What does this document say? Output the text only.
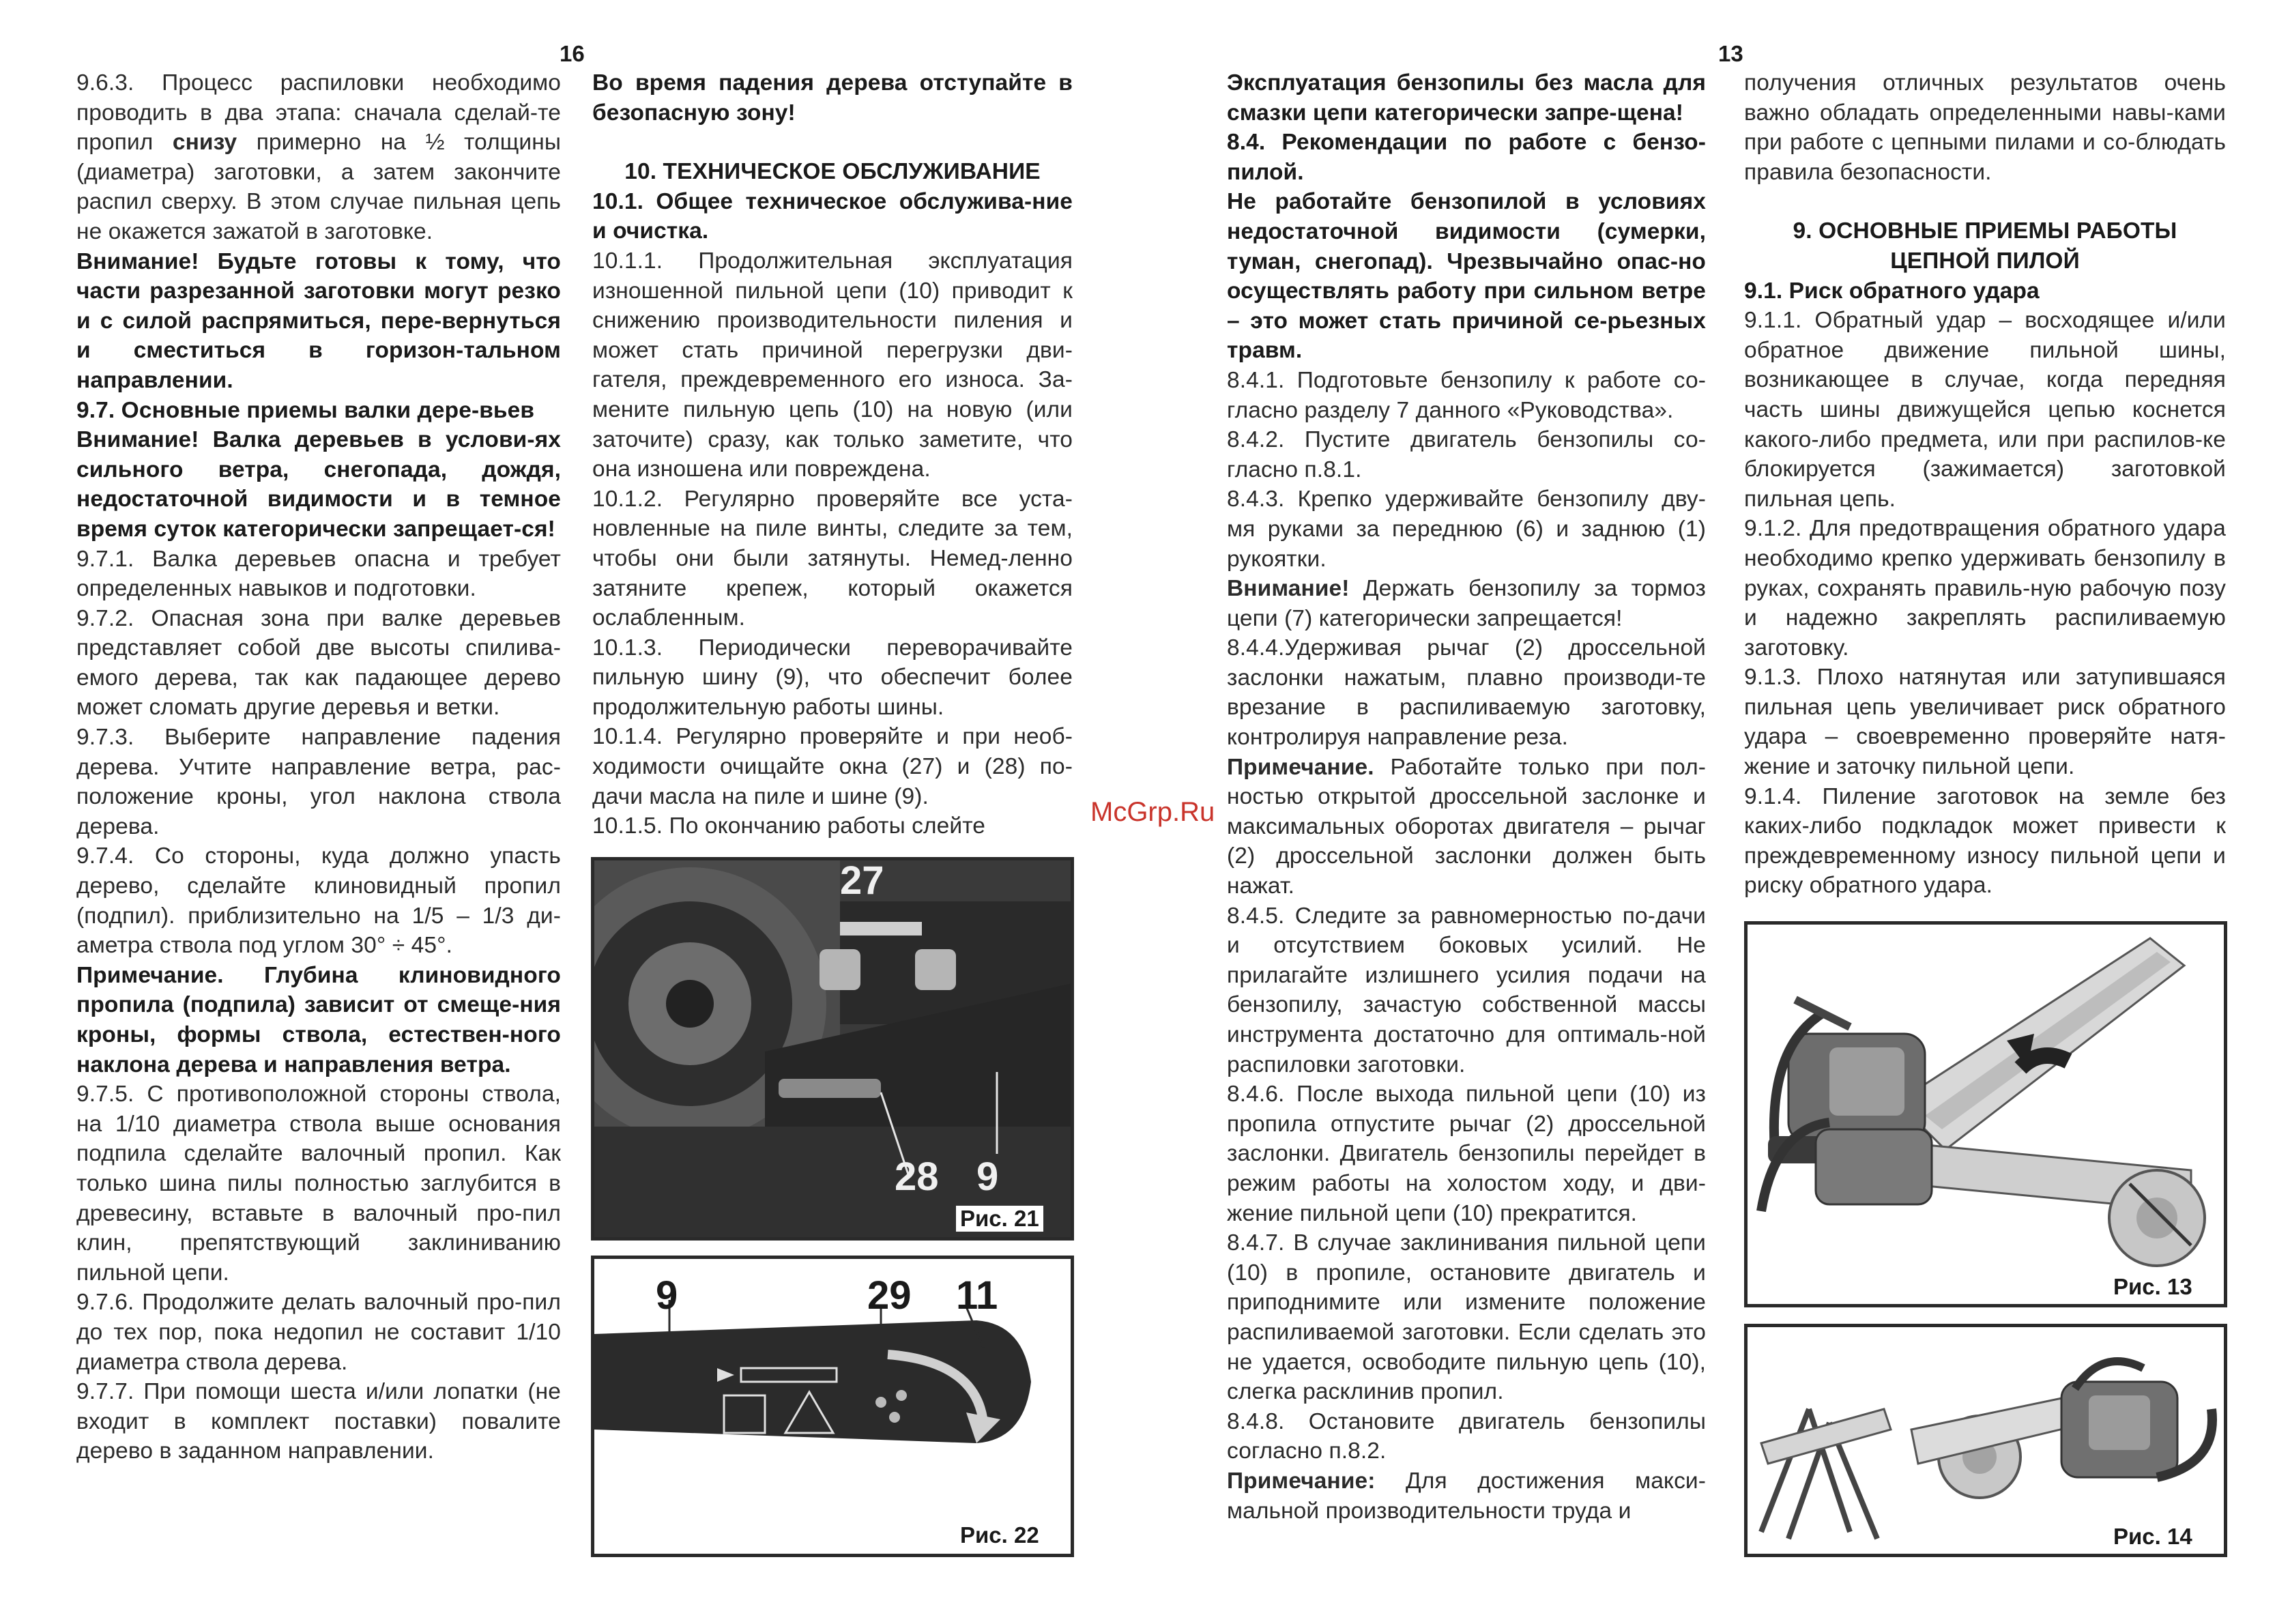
16	13

9.6.3. Процесс распиловки необходимо проводить в два этапа: сначала сделай-те пропил снизу примерно на ½ толщины (диаметра) заготовки, а затем закончите распил сверху. В этом случае пильная цепь не окажется зажатой в заготовке.

Внимание! Будьте готовы к тому, что части разрезанной заготовки могут резко и с силой распрямиться, пере-вернуться и сместиться в горизон-тальном направлении.

9.7. Основные приемы валки дере-вьев

Внимание! Валка деревьев в услови-ях сильного ветра, снегопада, дождя, недостаточной видимости и в темное время суток категорически запрещает-ся!

9.7.1. Валка деревьев опасна и требует определенных навыков и подготовки.

9.7.2. Опасная зона при валке деревьев представляет собой две высоты спилива-емого дерева, так как падающее дерево может сломать другие деревья и ветки.

9.7.3. Выберите направление падения дерева. Учтите направление ветра, рас-положение кроны, угол наклона ствола дерева.

9.7.4. Со стороны, куда должно упасть дерево, сделайте клиновидный пропил (подпил). приблизительно на 1/5 – 1/3 ди-аметра ствола под углом 30° ÷ 45°.

Примечание. Глубина клиновидного пропила (подпила) зависит от смеще-ния кроны, формы ствола, естествен-ного наклона дерева и направления ветра.

9.7.5. С противоположной стороны ствола, на 1/10 диаметра ствола выше основания подпила сделайте валочный пропил. Как только шина пилы полностью заглубится в древесину, вставьте в валочный про-пил клин, препятствующий заклиниванию пильной цепи.

9.7.6. Продолжите делать валочный про-пил до тех пор, пока недопил не составит 1/10 диаметра ствола дерева.

9.7.7. При помощи шеста и/или лопатки (не входит в комплект поставки) повалите дерево в заданном направлении.

Во время падения дерева отступайте в безопасную зону!

10. ТЕХНИЧЕСКОЕ ОБСЛУЖИВАНИЕ

10.1. Общее техническое обслужива-ние и очистка.

10.1.1. Продолжительная эксплуатация изношенной пильной цепи (10) приводит к снижению производительности пиления и может стать причиной перегрузки дви-гателя, преждевременного его износа. За-мените пильную цепь (10) на новую (или заточите) сразу, как только заметите, что она изношена или повреждена.

10.1.2. Регулярно проверяйте все уста-новленные на пиле винты, следите за тем, чтобы они были затянуты. Немед-ленно затяните крепеж, который окажется ослабленным.

10.1.3. Периодически переворачивайте пильную шину (9), что обеспечит более продолжительную работы шины.

10.1.4. Регулярно проверяйте и при необ-ходимости очищайте окна (27) и (28) по-дачи масла на пиле и шине (9).

10.1.5. По окончанию работы слейте

27
28 9
Рис. 21
9	29 11
Рис. 22
McGrp.Ru

Эксплуатация бензопилы без масла для смазки цепи категорически запре-щена!

8.4. Рекомендации по работе с бензо-пилой.

Не работайте бензопилой в условиях недостаточной видимости (сумерки, туман, снегопад). Чрезвычайно опас-но осуществлять работу при сильном ветре – это может стать причиной се-рьезных травм.

8.4.1. Подготовьте бензопилу к работе со-гласно разделу 7 данного «Руководства».

8.4.2. Пустите двигатель бензопилы со-гласно п.8.1.

8.4.3. Крепко удерживайте бензопилу дву-мя руками за переднюю (6) и заднюю (1) рукоятки.

Внимание! Держать бензопилу за тормоз цепи (7) категорически запрещается!

8.4.4.Удерживая рычаг (2) дроссельной заслонки нажатым, плавно производи-те врезание в распиливаемую заготовку, контролируя направление реза.

Примечание. Работайте только при пол-ностью открытой дроссельной заслонке и максимальных оборотах двигателя – рычаг (2) дроссельной заслонки должен быть нажат.

8.4.5. Следите за равномерностью по-дачи и отсутствием боковых усилий. Не прилагайте излишнего усилия подачи на бензопилу, зачастую собственной массы инструмента достаточно для оптималь-ной распиловки заготовки.

8.4.6. После выхода пильной цепи (10) из пропила отпустите рычаг (2) дроссельной заслонки. Двигатель бензопилы перейдет в режим работы на холостом ходу, и дви-жение пильной цепи (10) прекратится.

8.4.7. В случае заклинивания пильной цепи (10) в пропиле, остановите двигатель и приподнимите или измените положение распиливаемой заготовки. Если сделать это не удается, освободите пильную цепь (10), слегка расклинив пропил.

8.4.8. Остановите двигатель бензопилы согласно п.8.2.

Примечание: Для достижения макси-мальной производительности труда и

получения отличных результатов очень важно обладать определенными навы-ками при работе с цепными пилами и со-блюдать правила безопасности.

9. ОСНОВНЫЕ ПРИЕМЫ РАБОТЫ ЦЕПНОЙ ПИЛОЙ

9.1. Риск обратного удара

9.1.1. Обратный удар – восходящее и/или обратное движение пильной шины, возникающее в случае, когда передняя часть шины движущейся цепью коснется какого-либо предмета, или при распилов-ке блокируется (зажимается) заготовкой пильная цепь.

9.1.2. Для предотвращения обратного удара необходимо крепко удерживать бензопилу в руках, сохранять правиль-ную рабочую позу и надежно закреплять распиливаемую заготовку.

9.1.3. Плохо натянутая или затупившаяся пильная цепь увеличивает риск обратного удара – своевременно проверяйте натя-жение и заточку пильной цепи.

9.1.4. Пиление заготовок на земле без каких-либо подкладок может привести к преждевременному износу пильной цепи и риску обратного удара.

Рис. 13
Рис. 14
